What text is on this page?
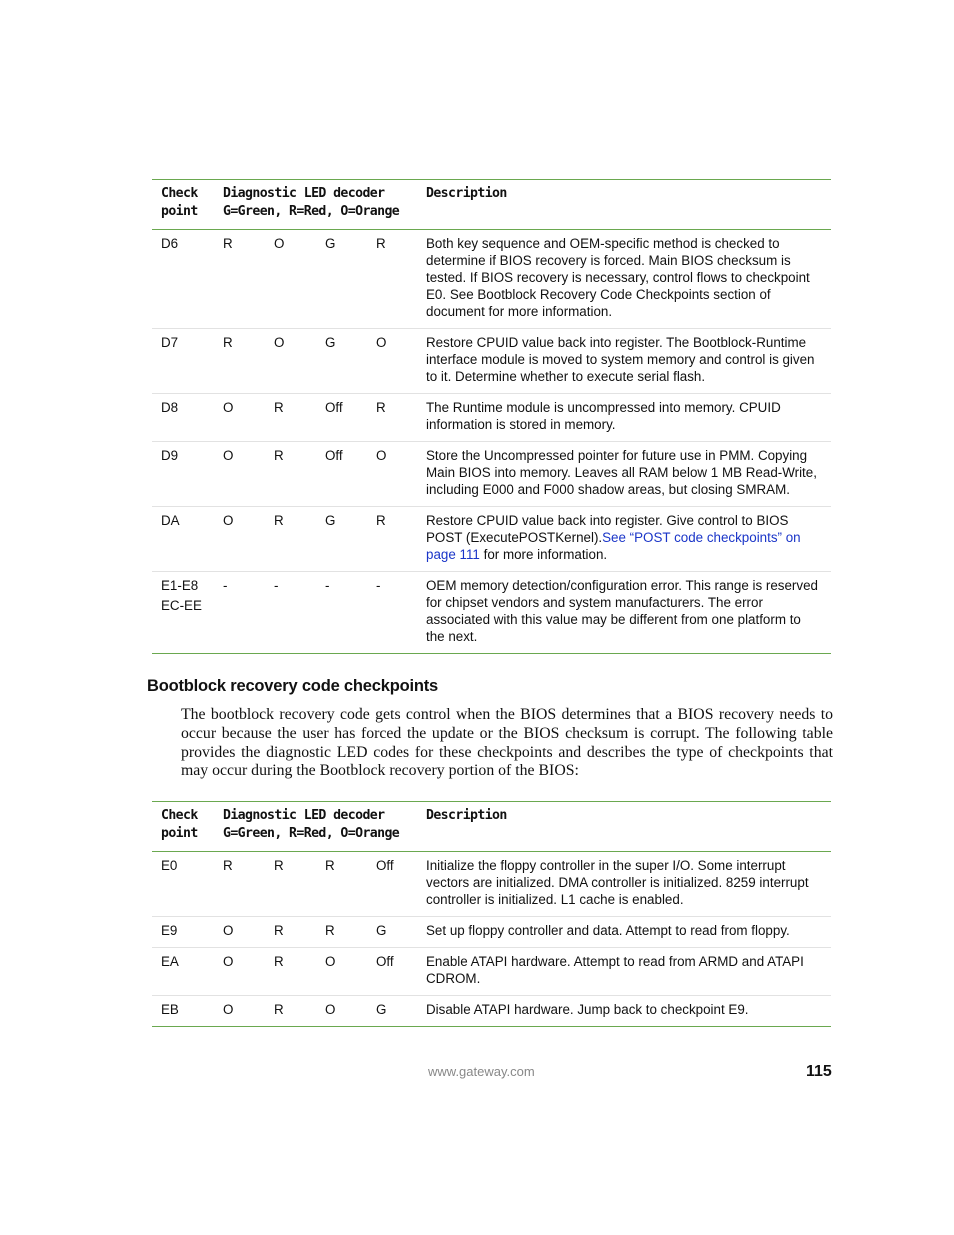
Check
point	Diagnostic LED decoder
G=Green, R=Red, O=Orange				Description
D6	R	O	G	R	Both key sequence and OEM-specific method is checked to determine if BIOS recovery is forced. Main BIOS checksum is tested. If BIOS recovery is necessary, control flows to checkpoint E0. See Bootblock Recovery Code Checkpoints section of document for more information.
D7	R	O	G	O	Restore CPUID value back into register. The Bootblock-Runtime interface module is moved to system memory and control is given to it. Determine whether to execute serial flash.
D8	O	R	Off	R	The Runtime module is uncompressed into memory. CPUID information is stored in memory.
D9	O	R	Off	O	Store the Uncompressed pointer for future use in PMM. Copying Main BIOS into memory. Leaves all RAM below 1 MB Read-Write, including E000 and F000 shadow areas, but closing SMRAM.
DA	O	R	G	R	Restore CPUID value back into register. Give control to BIOS POST (ExecutePOSTKernel).See “POST code checkpoints” on page 111 for more information.
E1-E8
EC-EE	-	-	-	-	OEM memory detection/configuration error. This range is reserved for chipset vendors and system manufacturers. The error associated with this value may be different from one platform to the next.
Bootblock recovery code checkpoints

The bootblock recovery code gets control when the BIOS determines that a BIOS recovery needs to occur because the user has forced the update or the BIOS checksum is corrupt. The following table provides the diagnostic LED codes for these checkpoints and describes the type of checkpoints that may occur during the Bootblock recovery portion of the BIOS:

Check
point	Diagnostic LED decoder
G=Green, R=Red, O=Orange				Description
E0	R	R	R	Off	Initialize the floppy controller in the super I/O. Some interrupt vectors are initialized. DMA controller is initialized. 8259 interrupt controller is initialized. L1 cache is enabled.
E9	O	R	R	G	Set up floppy controller and data. Attempt to read from floppy.
EA	O	R	O	Off	Enable ATAPI hardware. Attempt to read from ARMD and ATAPI CDROM.
EB	O	R	O	G	Disable ATAPI hardware. Jump back to checkpoint E9.
www.gateway.com	115
